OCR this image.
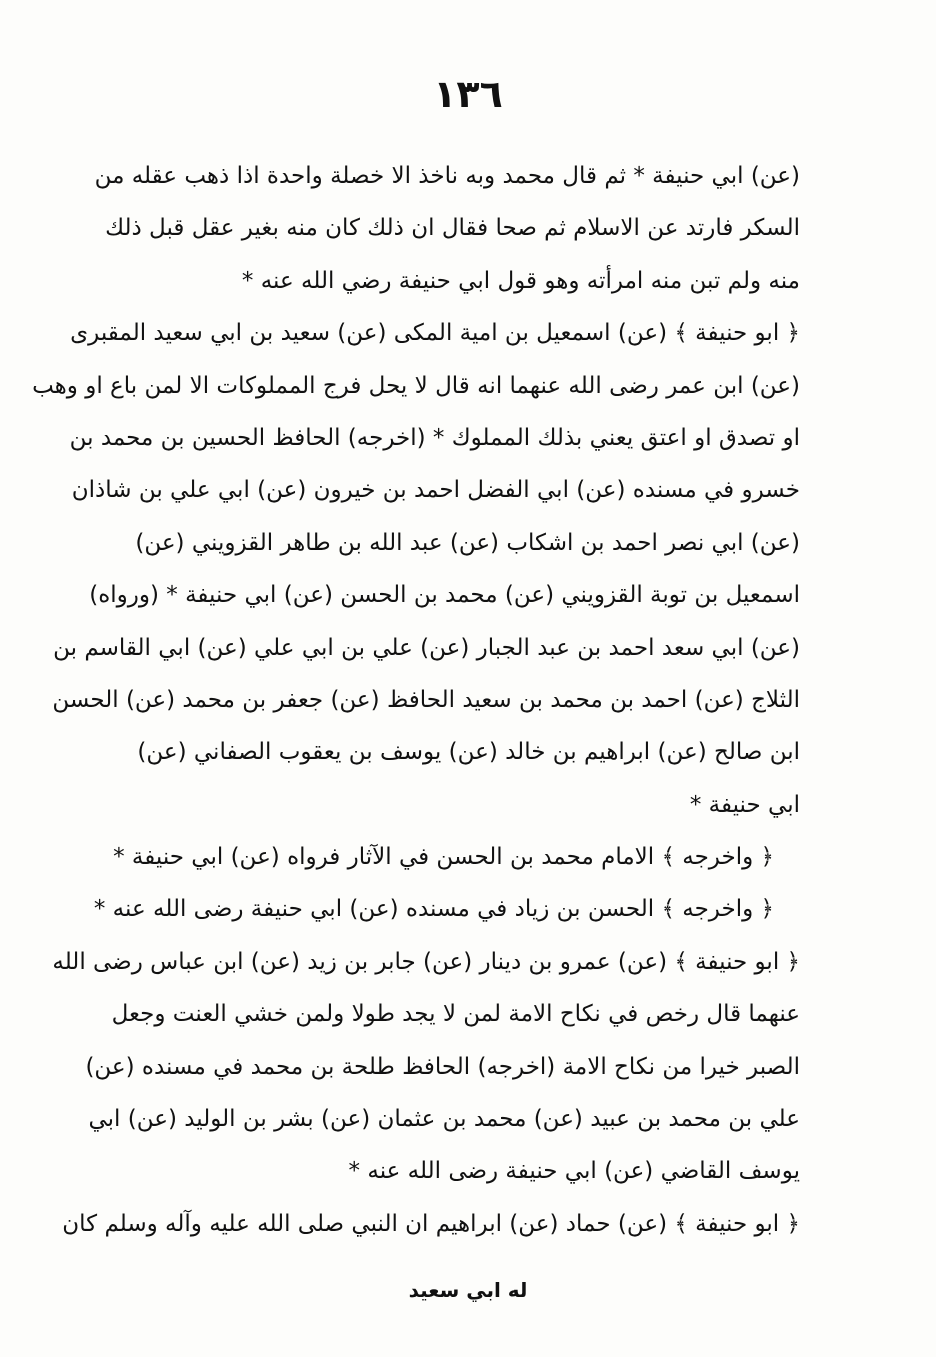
١٣٦
(عن) ابي حنيفة * ثم قال محمد وبه ناخذ الا خصلة واحدة اذا ذهب عقله من
السكر فارتد عن الاسلام ثم صحا فقال ان ذلك كان منه بغير عقل قبل ذلك
منه ولم تبن منه امرأته وهو قول ابي حنيفة رضي الله عنه *
﴿ ابو حنيفة ﴾ (عن) اسمعيل بن امية المكى (عن) سعيد بن ابي سعيد المقبرى
(عن) ابن عمر رضى الله عنهما انه قال لا يحل فرج المملوكات الا لمن باع او وهب
او تصدق او اعتق يعني بذلك المملوك * (اخرجه) الحافظ الحسين بن محمد بن
خسرو في مسنده (عن) ابي الفضل احمد بن خيرون (عن) ابي علي بن شاذان
(عن) ابي نصر احمد بن اشكاب (عن) عبد الله بن طاهر القزويني (عن)
اسمعيل بن توبة القزويني (عن) محمد بن الحسن (عن) ابي حنيفة * (ورواه)
(عن) ابي سعد احمد بن عبد الجبار (عن) علي بن ابي علي (عن) ابي القاسم بن
الثلاج (عن) احمد بن محمد بن سعيد الحافظ (عن) جعفر بن محمد (عن) الحسن
ابن صالح (عن) ابراهيم بن خالد (عن) يوسف بن يعقوب الصفاني (عن)
ابي حنيفة *
﴿ واخرجه ﴾ الامام محمد بن الحسن في الآثار فرواه (عن) ابي حنيفة *
﴿ واخرجه ﴾ الحسن بن زياد في مسنده (عن) ابي حنيفة رضى الله عنه *
﴿ ابو حنيفة ﴾ (عن) عمرو بن دينار (عن) جابر بن زيد (عن) ابن عباس رضى الله
عنهما قال رخص في نكاح الامة لمن لا يجد طولا ولمن خشي العنت وجعل
الصبر خيرا من نكاح الامة (اخرجه) الحافظ طلحة بن محمد في مسنده (عن)
علي بن محمد بن عبيد (عن) محمد بن عثمان (عن) بشر بن الوليد (عن) ابي
يوسف القاضي (عن) ابي حنيفة رضى الله عنه *
﴿ ابو حنيفة ﴾ (عن) حماد (عن) ابراهيم ان النبي صلى الله عليه وآله وسلم كان
له ابي سعيد
